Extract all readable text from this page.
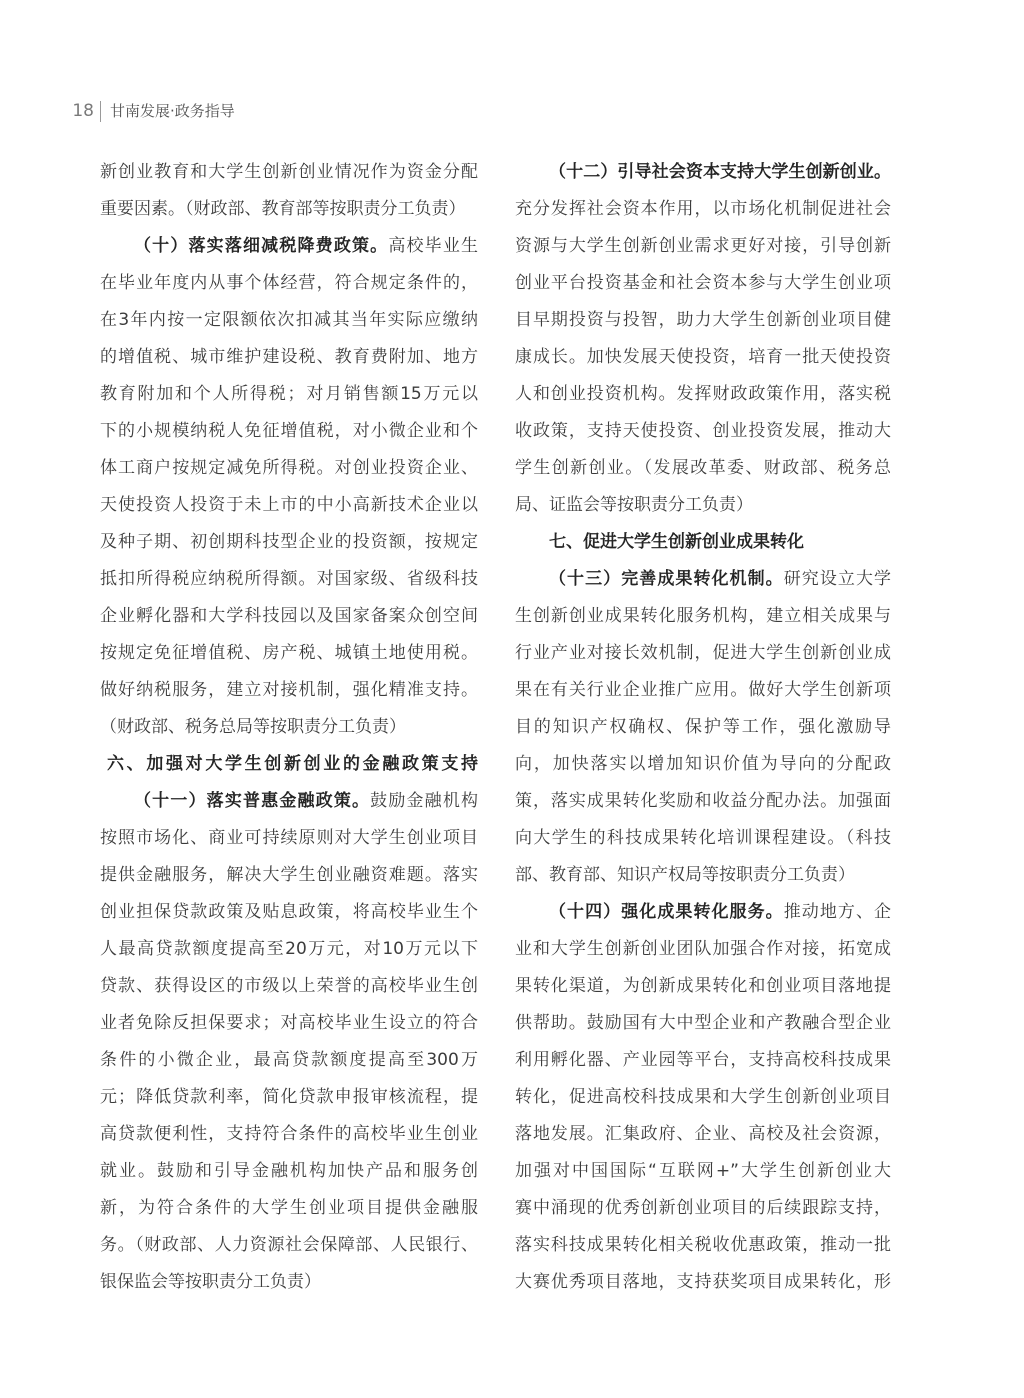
18 甘南发展·政务指导
新创业教育和大学生创新创业情况作为资金分配
重要因素。（财政部、教育部等按职责分工负责）
（十）落实落细减税降费政策。高校毕业生
在毕业年度内从事个体经营，符合规定条件的，
在3年内按一定限额依次扣减其当年实际应缴纳
的增值税、城市维护建设税、教育费附加、地方
教育附加和个人所得税；对月销售额15万元以
下的小规模纳税人免征增值税，对小微企业和个
体工商户按规定减免所得税。对创业投资企业、
天使投资人投资于未上市的中小高新技术企业以
及种子期、初创期科技型企业的投资额，按规定
抵扣所得税应纳税所得额。对国家级、省级科技
企业孵化器和大学科技园以及国家备案众创空间
按规定免征增值税、房产税、城镇土地使用税。
做好纳税服务，建立对接机制，强化精准支持。
（财政部、税务总局等按职责分工负责）
六、加强对大学生创新创业的金融政策支持
（十一）落实普惠金融政策。鼓励金融机构
按照市场化、商业可持续原则对大学生创业项目
提供金融服务，解决大学生创业融资难题。落实
创业担保贷款政策及贴息政策，将高校毕业生个
人最高贷款额度提高至20万元，对10万元以下
贷款、获得设区的市级以上荣誉的高校毕业生创
业者免除反担保要求；对高校毕业生设立的符合
条件的小微企业，最高贷款额度提高至300万
元；降低贷款利率，简化贷款申报审核流程，提
高贷款便利性，支持符合条件的高校毕业生创业
就业。鼓励和引导金融机构加快产品和服务创
新，为符合条件的大学生创业项目提供金融服
务。（财政部、人力资源社会保障部、人民银行、
银保监会等按职责分工负责）
（十二）引导社会资本支持大学生创新创业。
充分发挥社会资本作用，以市场化机制促进社会
资源与大学生创新创业需求更好对接，引导创新
创业平台投资基金和社会资本参与大学生创业项
目早期投资与投智，助力大学生创新创业项目健
康成长。加快发展天使投资，培育一批天使投资
人和创业投资机构。发挥财政政策作用，落实税
收政策，支持天使投资、创业投资发展，推动大
学生创新创业。（发展改革委、财政部、税务总
局、证监会等按职责分工负责）
七、促进大学生创新创业成果转化
（十三）完善成果转化机制。研究设立大学
生创新创业成果转化服务机构，建立相关成果与
行业产业对接长效机制，促进大学生创新创业成
果在有关行业企业推广应用。做好大学生创新项
目的知识产权确权、保护等工作，强化激励导
向，加快落实以增加知识价值为导向的分配政
策，落实成果转化奖励和收益分配办法。加强面
向大学生的科技成果转化培训课程建设。（科技
部、教育部、知识产权局等按职责分工负责）
（十四）强化成果转化服务。推动地方、企
业和大学生创新创业团队加强合作对接，拓宽成
果转化渠道，为创新成果转化和创业项目落地提
供帮助。鼓励国有大中型企业和产教融合型企业
利用孵化器、产业园等平台，支持高校科技成果
转化，促进高校科技成果和大学生创新创业项目
落地发展。汇集政府、企业、高校及社会资源，
加强对中国国际“互联网+”大学生创新创业大
赛中涌现的优秀创新创业项目的后续跟踪支持，
落实科技成果转化相关税收优惠政策，推动一批
大赛优秀项目落地，支持获奖项目成果转化，形
